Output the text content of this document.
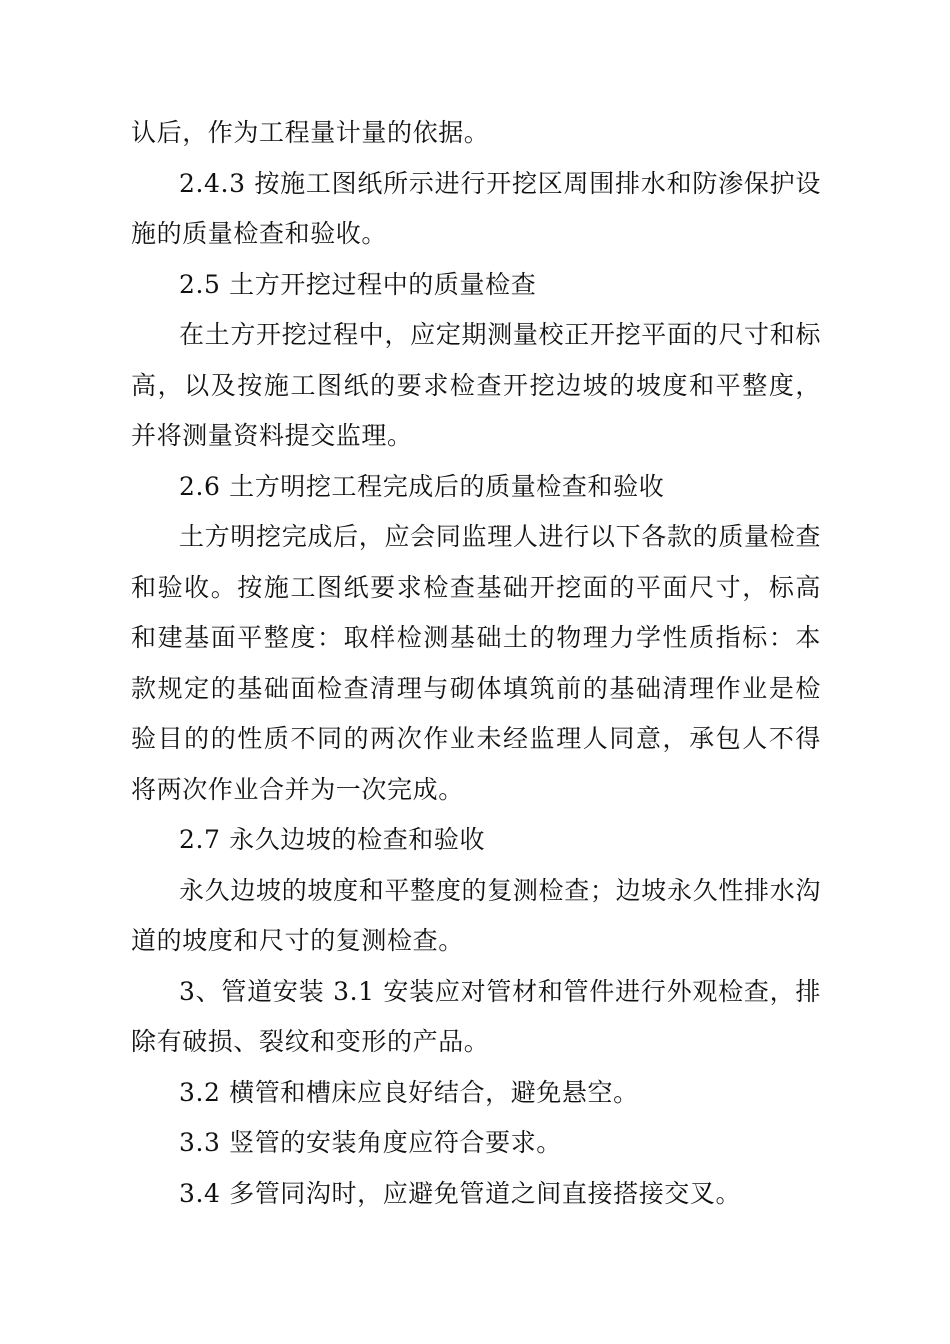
认后，作为工程量计量的依据。

2.4.3 按施工图纸所示进行开挖区周围排水和防渗保护设施的质量检查和验收。

2.5 土方开挖过程中的质量检查

在土方开挖过程中，应定期测量校正开挖平面的尺寸和标高，以及按施工图纸的要求检查开挖边坡的坡度和平整度，并将测量资料提交监理。

2.6 土方明挖工程完成后的质量检查和验收

土方明挖完成后，应会同监理人进行以下各款的质量检查和验收。按施工图纸要求检查基础开挖面的平面尺寸，标高和建基面平整度：取样检测基础土的物理力学性质指标：本款规定的基础面检查清理与砌体填筑前的基础清理作业是检验目的的性质不同的两次作业未经监理人同意，承包人不得将两次作业合并为一次完成。

2.7 永久边坡的检查和验收

永久边坡的坡度和平整度的复测检查；边坡永久性排水沟道的坡度和尺寸的复测检查。

3、管道安装 3.1 安装应对管材和管件进行外观检查，排除有破损、裂纹和变形的产品。

3.2 横管和槽床应良好结合，避免悬空。

3.3 竖管的安装角度应符合要求。

3.4 多管同沟时，应避免管道之间直接搭接交叉。
